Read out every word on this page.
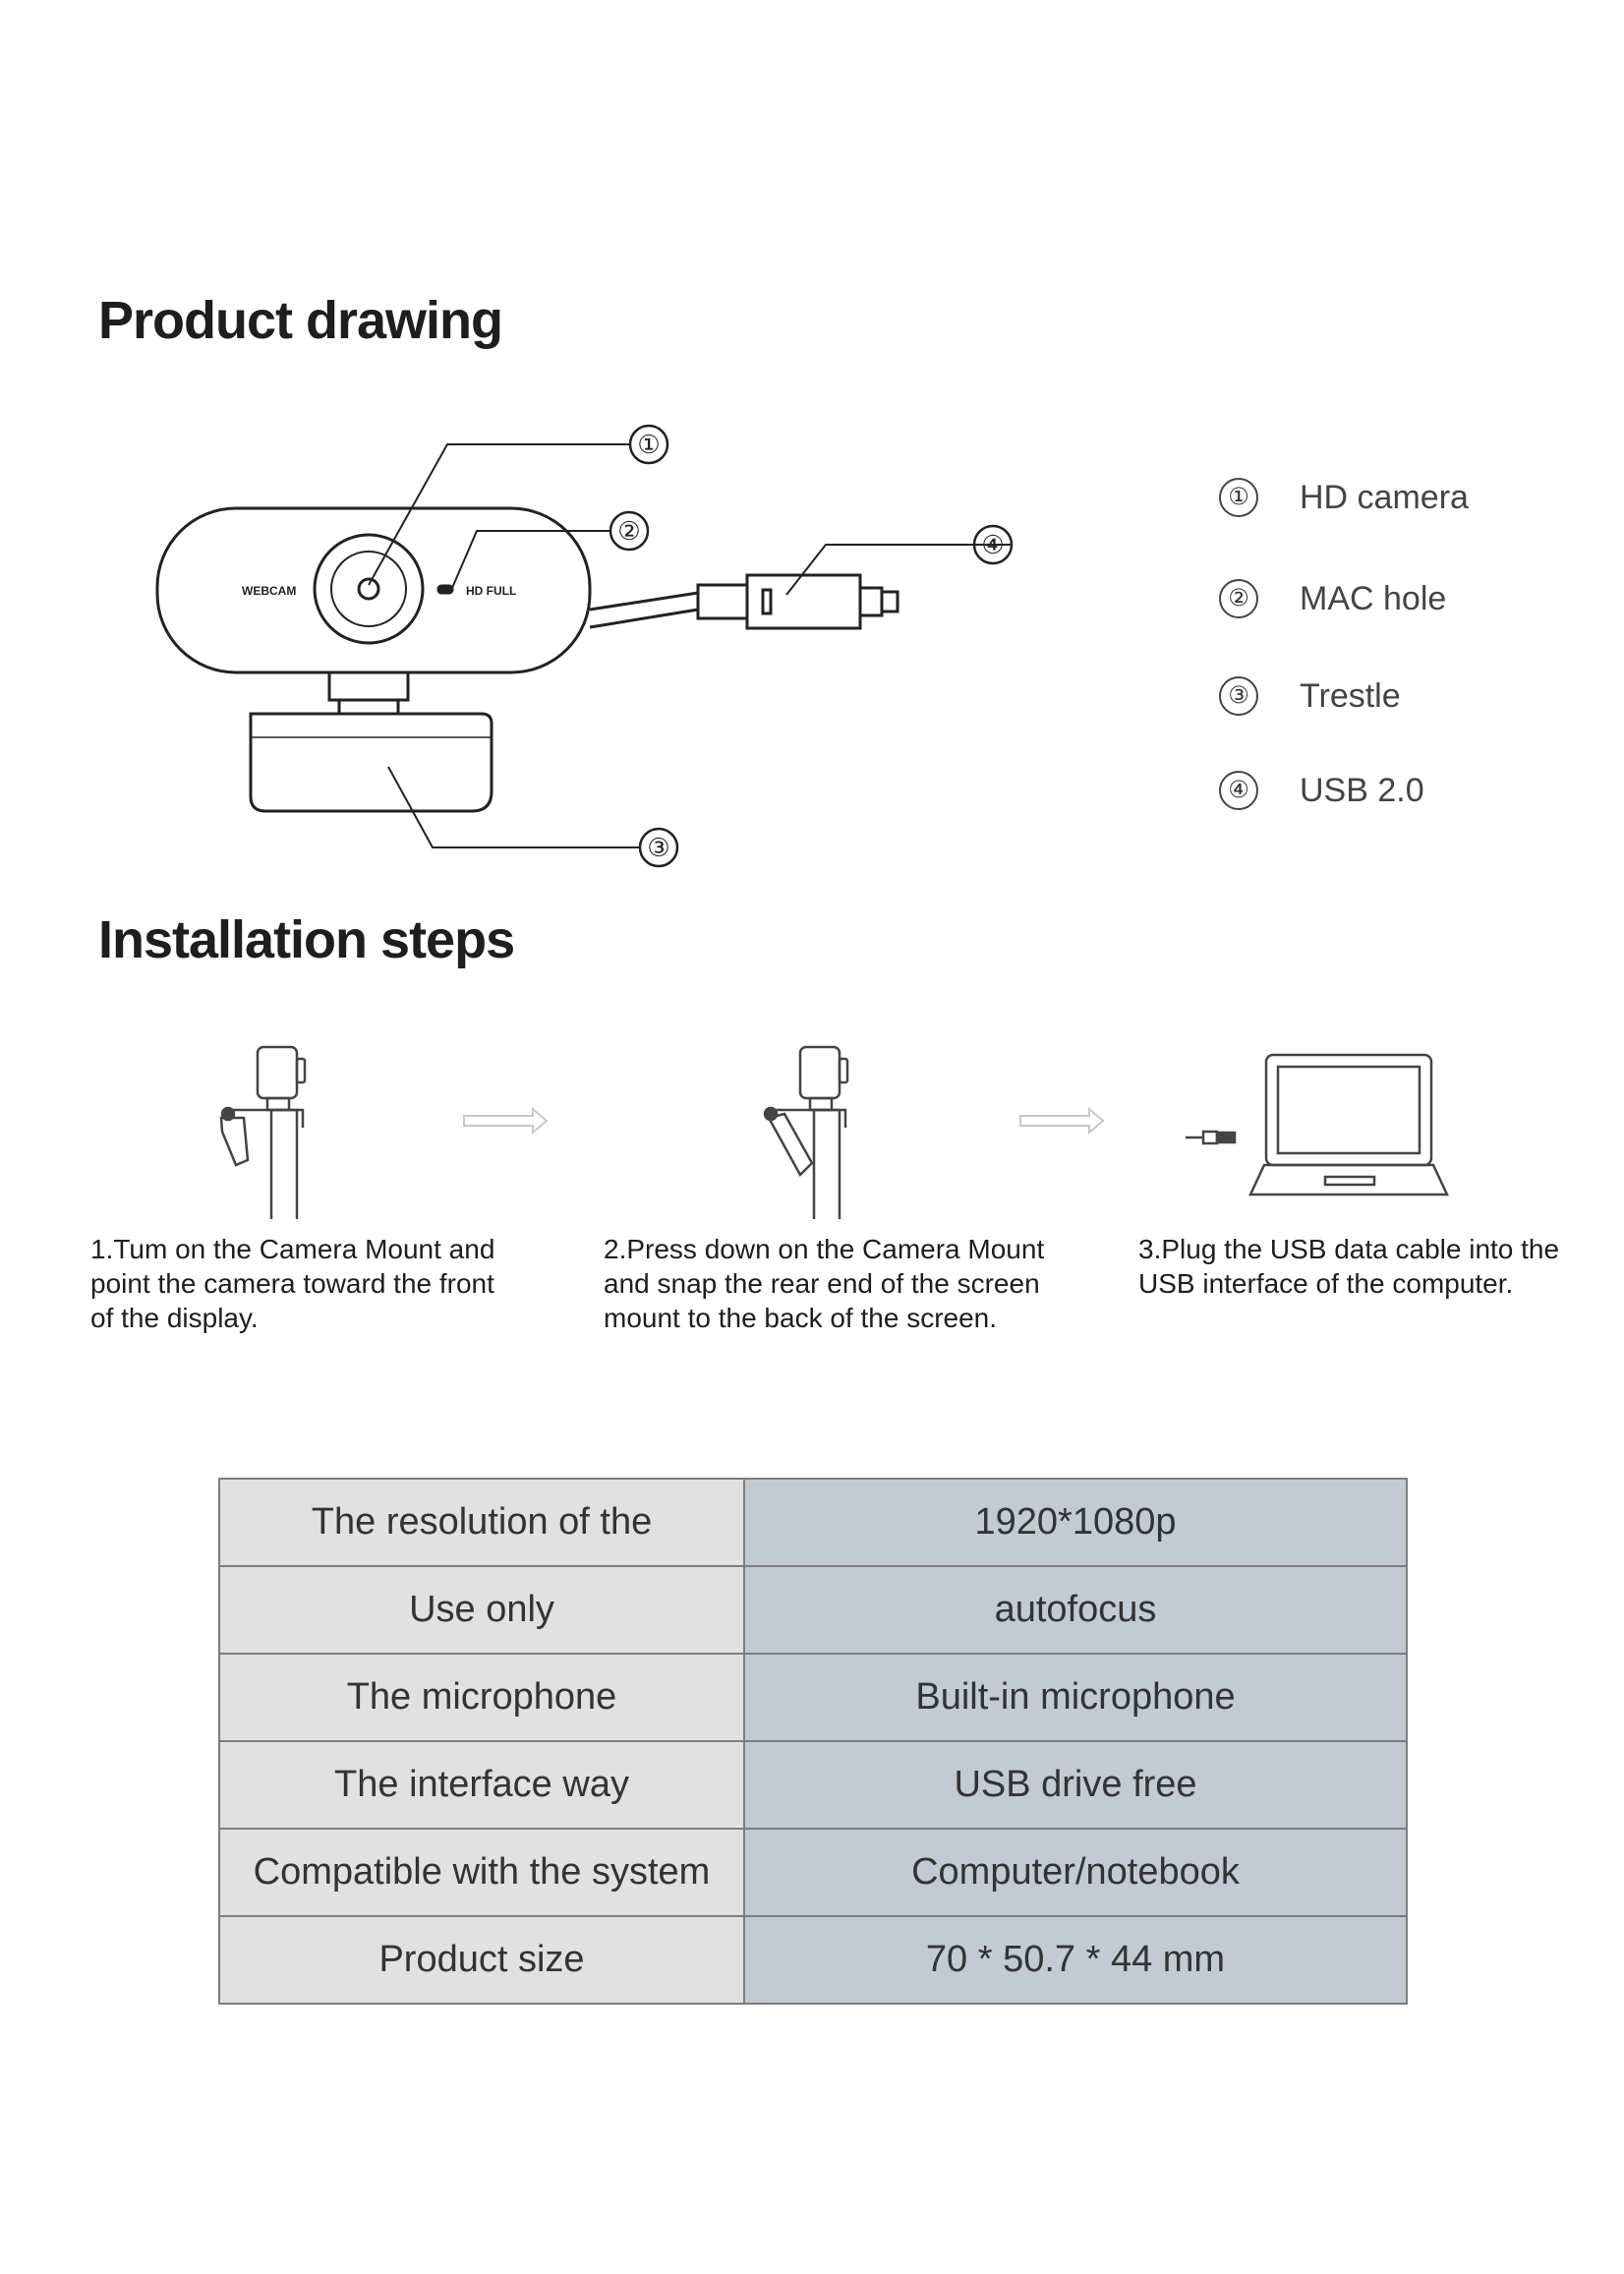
Product drawing
WEBCAM	HD FULL
①
②
③
④
① HD camera
② MAC hole
③ Trestle
④ USB 2.0
Installation steps

1.Tum on the Camera Mount and
point the camera toward the front
of the display.

2.Press down on the Camera Mount
and snap the rear end of the screen
mount to the back of the screen.

3.Plug the USB data cable into the
USB interface of the computer.

The resolution of the	1920*1080p
Use only	autofocus
The microphone	Built-in microphone
The interface way	USB drive free
Compatible with the system	Computer/notebook
Product size	70 * 50.7 * 44 mm
